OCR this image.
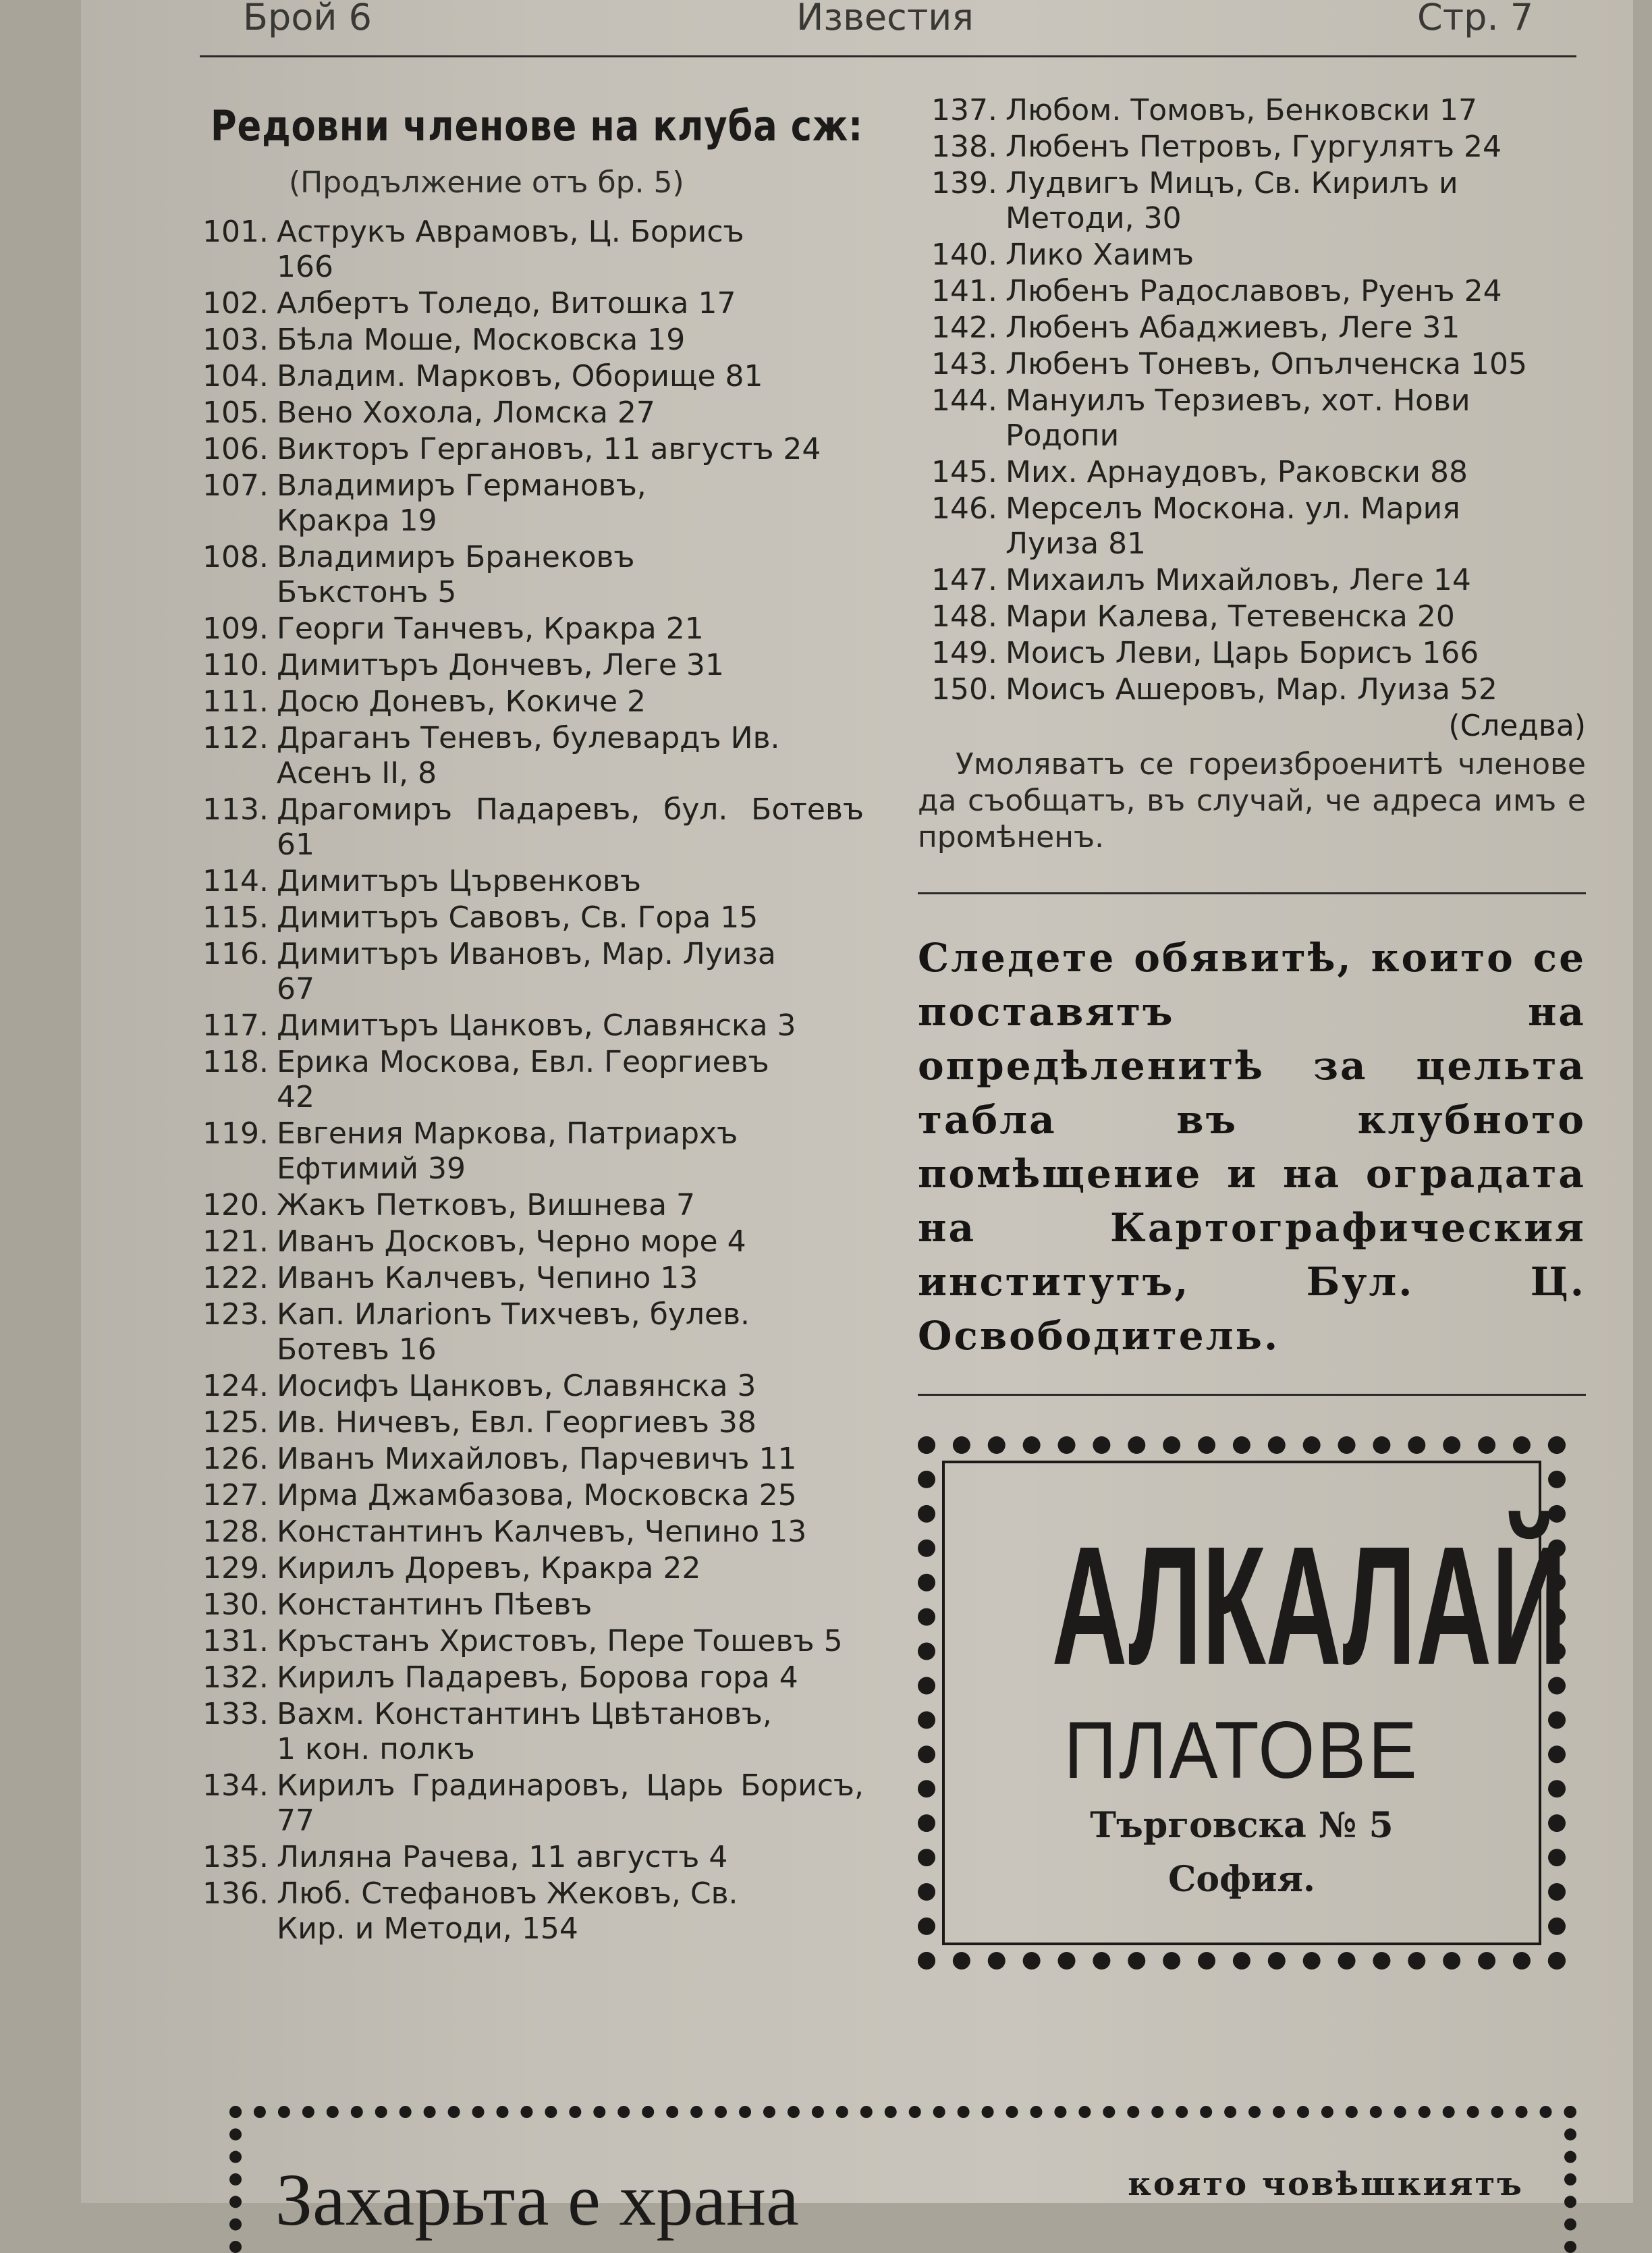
Брой 6	Известия	Стр. 7
Редовни членове на клуба сж:
(Продължение отъ бр. 5)
101. Аструкъ Аврамовъ, Ц. Борисъ
166
102. Албертъ Толедо, Витошка 17
103. Бѣла Моше, Московска 19
104. Владим. Марковъ, Оборище 81
105. Вено Хохола, Ломска 27
106. Викторъ Гергановъ, 11 августъ 24
107. Владимиръ Германовъ,
Кракра 19
108. Владимиръ Бранековъ
Бъкстонъ 5
109. Георги Танчевъ, Кракра 21
110. Димитъръ Дончевъ, Леге 31
111. Досю Доневъ, Кокиче 2
112. Драганъ Теневъ, булевардъ Ив.
Асенъ II, 8
113. Драгомиръ Падаревъ, бул. Ботевъ 61
114. Димитъръ Цървенковъ
115. Димитъръ Савовъ, Св. Гора 15
116. Димитъръ Ивановъ, Мар. Луиза
67
117. Димитъръ Цанковъ, Славянска 3
118. Ерика Москова, Евл. Георгиевъ
42
119. Евгения Маркова, Патриархъ
Ефтимий 39
120. Жакъ Петковъ, Вишнева 7
121. Иванъ Досковъ, Черно море 4
122. Иванъ Калчевъ, Чепино 13
123. Кап. Илarionъ Тихчевъ, булев.
Ботевъ 16
124. Иосифъ Цанковъ, Славянска 3
125. Ив. Ничевъ, Евл. Георгиевъ 38
126. Иванъ Михайловъ, Парчевичъ 11
127. Ирма Джамбазова, Московска 25
128. Константинъ Калчевъ, Чепино 13
129. Кирилъ Доревъ, Кракра 22
130. Константинъ Пѣевъ
131. Кръстанъ Христовъ, Пере Тошевъ 5
132. Кирилъ Падаревъ, Борова гора 4
133. Вахм. Константинъ Цвѣтановъ,
1 кон. полкъ
134. Кирилъ Градинаровъ, Царь Борисъ, 77
135. Лиляна Рачева, 11 августъ 4
136. Люб. Стефановъ Жековъ, Св.
Кир. и Методи, 154
137. Любом. Томовъ, Бенковски 17
138. Любенъ Петровъ, Гургулятъ 24
139. Лудвигъ Мицъ, Св. Кирилъ и
Методи, 30
140. Лико Хаимъ
141. Любенъ Радославовъ, Руенъ 24
142. Любенъ Абаджиевъ, Леге 31
143. Любенъ Тоневъ, Опълченска 105
144. Мануилъ Терзиевъ, хот. Нови
Родопи
145. Мих. Арнаудовъ, Раковски 88
146. Мерселъ Москона. ул. Мария
Луиза 81
147. Михаилъ Михайловъ, Леге 14
148. Мари Калева, Тетевенска 20
149. Моисъ Леви, Царь Борисъ 166
150. Моисъ Ашеровъ, Мар. Луиза 52
(Следва)
Умоляватъ се гореизброенитѣ членове да съобщатъ, въ случай, че адреса имъ е промѣненъ.
Следете обявитѣ, които се поставятъ на опредѣленитѣ за цельта табла въ клубното помѣщение и на оградата на Картографическия институтъ, Бул. Ц. Освободитель.
АЛКАЛАЙ
ПЛАТОВЕ
Търговска № 5
София.
Захарьта е храна	която човѣшкиятъ
